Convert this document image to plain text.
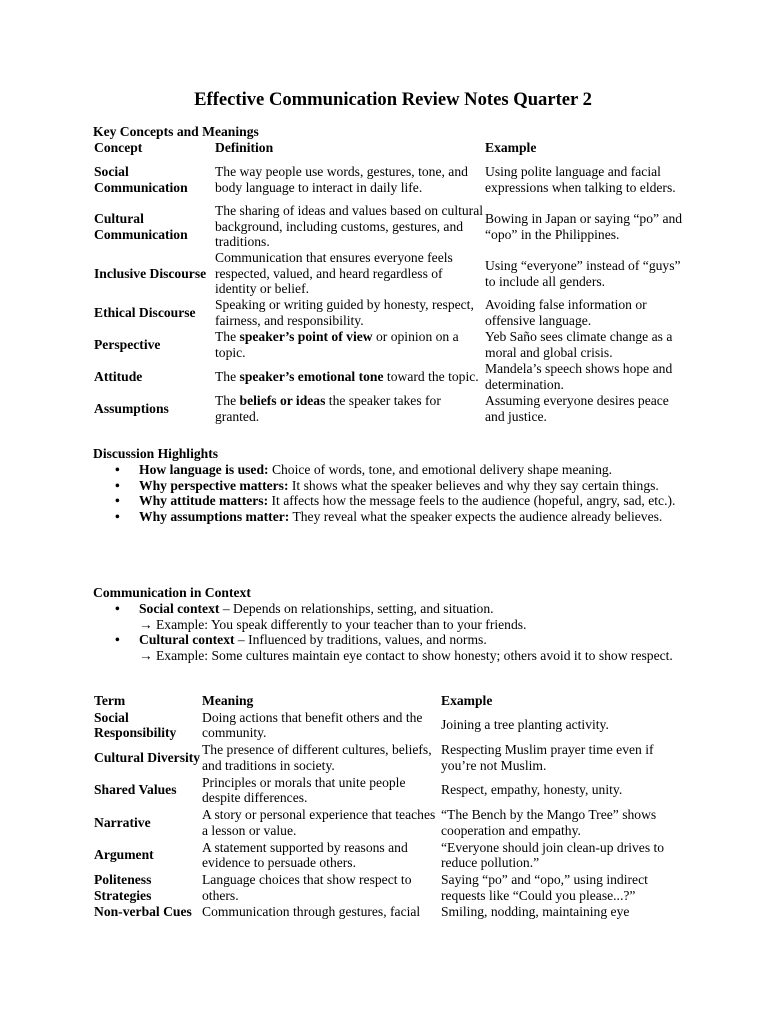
Effective Communication Review Notes Quarter 2
Key Concepts and Meanings
Concept	Definition	Example
Social Communication	The way people use words, gestures, tone, and body language to interact in daily life.	Using polite language and facial expressions when talking to elders.
Cultural Communication	The sharing of ideas and values based on cultural background, including customs, gestures, and traditions.	Bowing in Japan or saying “po” and “opo” in the Philippines.
Inclusive Discourse	Communication that ensures everyone feels respected, valued, and heard regardless of identity or belief.	Using “everyone” instead of “guys” to include all genders.
Ethical Discourse	Speaking or writing guided by honesty, respect, fairness, and responsibility.	Avoiding false information or offensive language.
Perspective	The speaker’s point of view or opinion on a topic.	Yeb Saño sees climate change as a moral and global crisis.
Attitude	The speaker’s emotional tone toward the topic.	Mandela’s speech shows hope and determination.
Assumptions	The beliefs or ideas the speaker takes for granted.	Assuming everyone desires peace and justice.
Discussion Highlights
• How language is used: Choice of words, tone, and emotional delivery shape meaning.
• Why perspective matters: It shows what the speaker believes and why they say certain things.
• Why attitude matters: It affects how the message feels to the audience (hopeful, angry, sad, etc.).
• Why assumptions matter: They reveal what the speaker expects the audience already believes.
Communication in Context
• Social context – Depends on relationships, setting, and situation.
→ Example: You speak differently to your teacher than to your friends.
• Cultural context – Influenced by traditions, values, and norms.
→ Example: Some cultures maintain eye contact to show honesty; others avoid it to show respect.
Term	Meaning	Example
Social Responsibility	Doing actions that benefit others and the community.	Joining a tree planting activity.
Cultural Diversity	The presence of different cultures, beliefs, and traditions in society.	Respecting Muslim prayer time even if you’re not Muslim.
Shared Values	Principles or morals that unite people despite differences.	Respect, empathy, honesty, unity.
Narrative	A story or personal experience that teaches a lesson or value.	“The Bench by the Mango Tree” shows cooperation and empathy.
Argument	A statement supported by reasons and evidence to persuade others.	“Everyone should join clean-up drives to reduce pollution.”
Politeness Strategies	Language choices that show respect to others.	Saying “po” and “opo,” using indirect requests like “Could you please...?”
Non-verbal Cues	Communication through gestures, facial	Smiling, nodding, maintaining eye
